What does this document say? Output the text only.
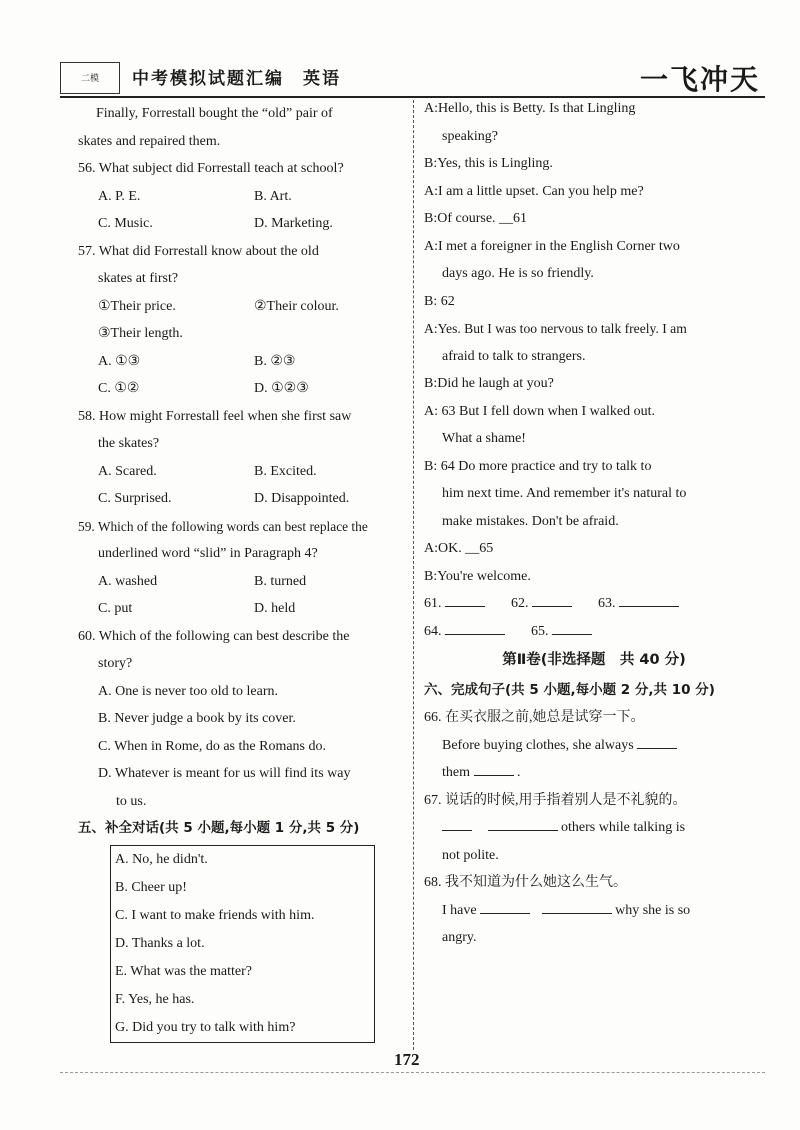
二模	中考模拟试题汇编　英语	一飞冲天
Finally, Forrestall bought the “old” pair of
skates and repaired them.
56. What subject did Forrestall teach at school?
A. P. E.	B. Art.
C. Music.	D. Marketing.
57. What did Forrestall know about the old
skates at first?
①Their price.	②Their colour.
③Their length.
A. ①③	B. ②③
C. ①②	D. ①②③
58. How might Forrestall feel when she first saw
the skates?
A. Scared.	B. Excited.
C. Surprised.	D. Disappointed.
59. Which of the following words can best replace the
underlined word “slid” in Paragraph 4?
A. washed	B. turned
C. put	D. held
60. Which of the following can best describe the
story?
A. One is never too old to learn.
B. Never judge a book by its cover.
C. When in Rome, do as the Romans do.
D. Whatever is meant for us will find its way
to us.
五、补全对话(共 5 小题,每小题 1 分,共 5 分)
A. No, he didn't.
B. Cheer up!
C. I want to make friends with him.
D. Thanks a lot.
E. What was the matter?
F. Yes, he has.
G. Did you try to talk with him?
A:Hello, this is Betty. Is that Lingling
speaking?
B:Yes, this is Lingling.
A:I am a little upset. Can you help me?
B:Of course. __61
A:I met a foreigner in the English Corner two
days ago. He is so friendly.
B: 62
A:Yes. But I was too nervous to talk freely. I am
afraid to talk to strangers.
B:Did he laugh at you?
A: 63 But I fell down when I walked out.
What a shame!
B: 64 Do more practice and try to talk to
him next time. And remember it's natural to
make mistakes. Don't be afraid.
A:OK. __65
B:You're welcome.
61.	62.	63.
64.	65.
第Ⅱ卷(非选择题　共 40 分)
六、完成句子(共 5 小题,每小题 2 分,共 10 分)
66. 在买衣服之前,她总是试穿一下。
Before buying clothes, she always
them	.
67. 说话的时候,用手指着别人是不礼貌的。
others while talking is
not polite.
68. 我不知道为什么她这么生气。
I have	why she is so
angry.
172
